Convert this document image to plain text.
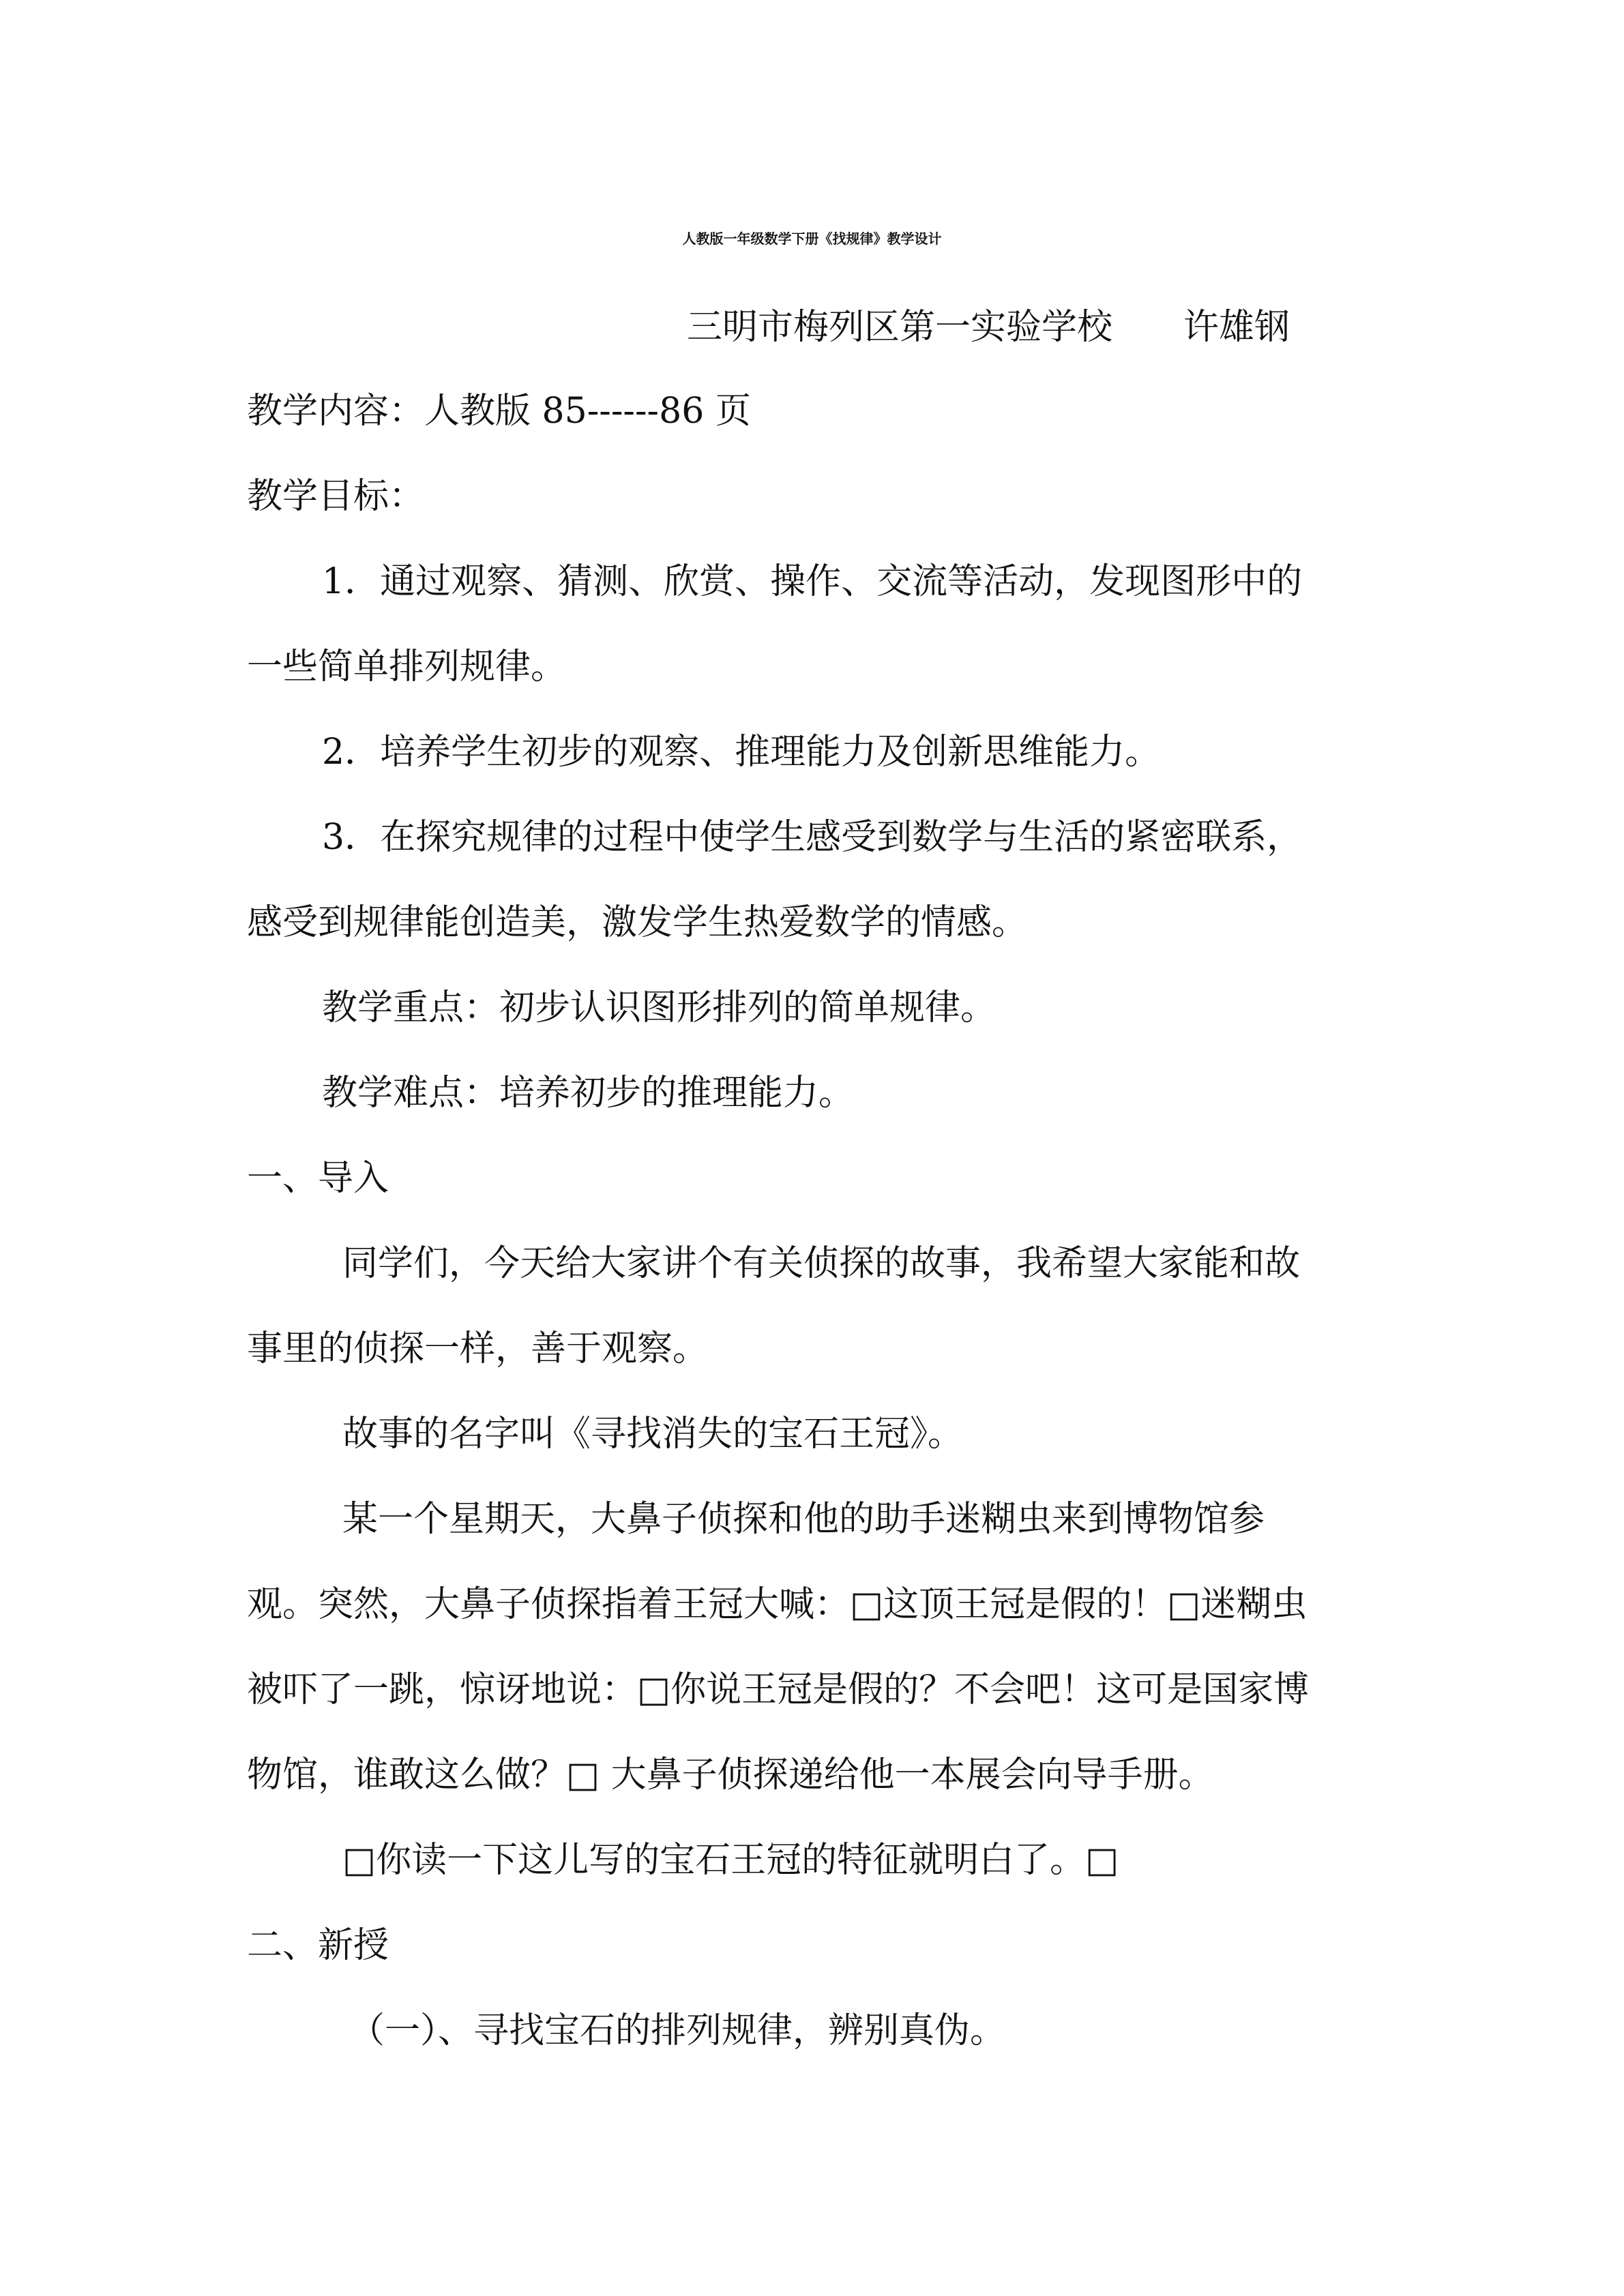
人教版一年级数学下册《找规律》教学设计
三明市梅列区第一实验学校　　许雄钢
教学内容：人教版 85------86 页
教学目标：
1．通过观察、猜测、欣赏、操作、交流等活动，发现图形中的
一些简单排列规律。
2．培养学生初步的观察、推理能力及创新思维能力。
3．在探究规律的过程中使学生感受到数学与生活的紧密联系，
感受到规律能创造美，激发学生热爱数学的情感。
教学重点：初步认识图形排列的简单规律。
教学难点：培养初步的推理能力。
一、导入
同学们，今天给大家讲个有关侦探的故事，我希望大家能和故
事里的侦探一样，善于观察。
故事的名字叫《寻找消失的宝石王冠》。
某一个星期天，大鼻子侦探和他的助手迷糊虫来到博物馆参
观。突然，大鼻子侦探指着王冠大喊：□这顶王冠是假的！□迷糊虫
被吓了一跳，惊讶地说：□你说王冠是假的？不会吧！这可是国家博
物馆，谁敢这么做？□ 大鼻子侦探递给他一本展会向导手册。
□你读一下这儿写的宝石王冠的特征就明白了。□
二、新授
（一）、寻找宝石的排列规律，辨别真伪。
